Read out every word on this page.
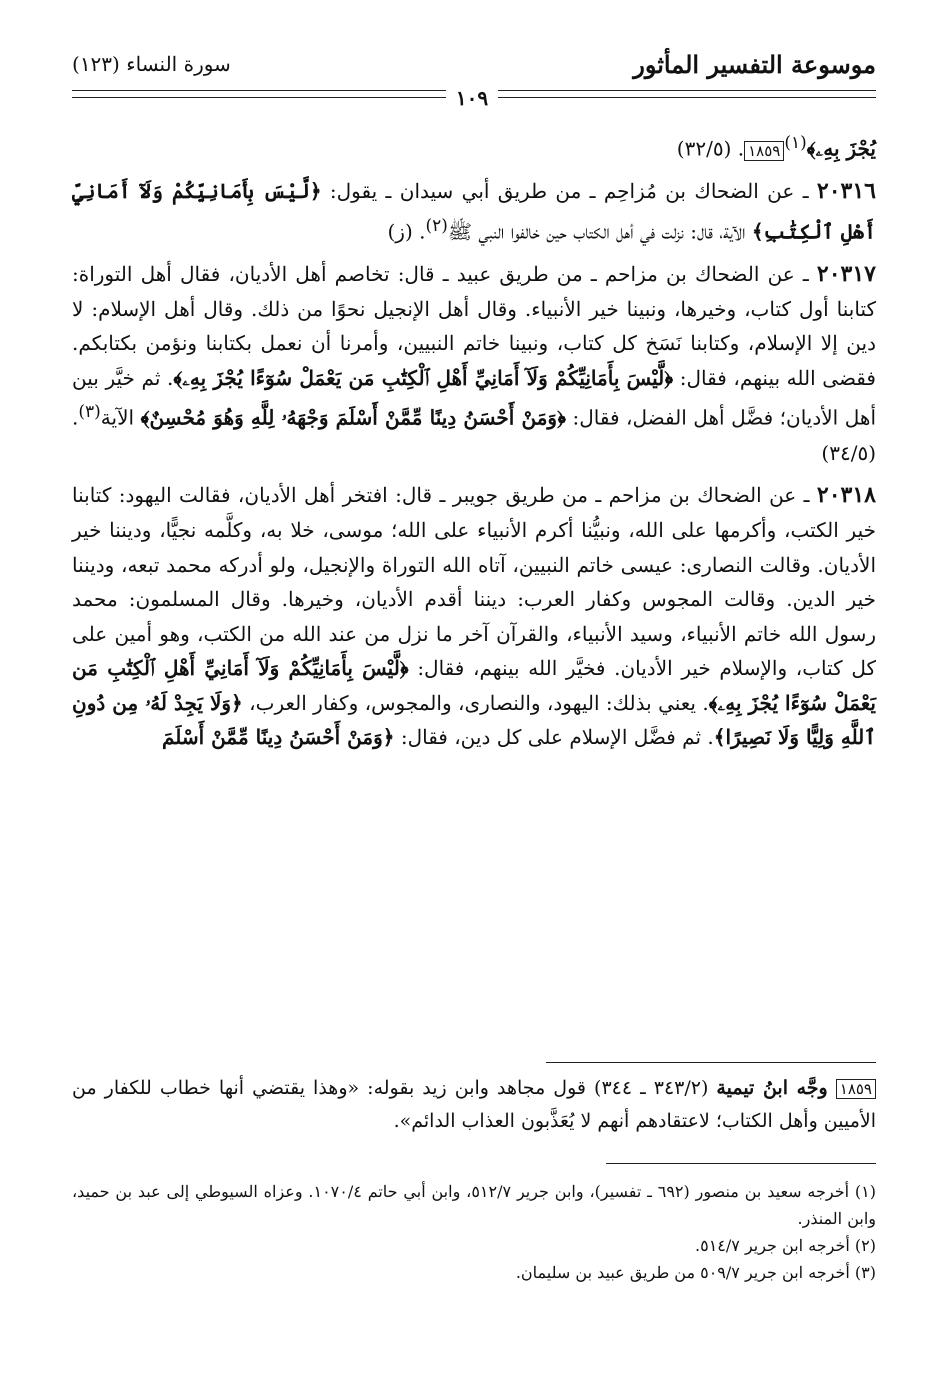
موسوعة التفسير المأثور
سورة النساء (١٢٣)
١٠٩

يُجْزَ بِهِۦ﴾$^{(١)}$١٨٥٩. (٣٢/٥)

٢٠٣١٦ ـ عن الضحاك بن مُزاحِم ـ من طريق أبي سيدان ـ يقول: ﴿لَّيْسَ بِأَمَانِيِّكُمْ وَلَآ أَمَانِيِّ أَهْلِ ٱلْكِتَٰبِ﴾ الآية، قال: نزلت في أهل الكتاب حين خالفوا النبي ﷺ$^{(٢)}$. (ز)

٢٠٣١٧ ـ عن الضحاك بن مزاحم ـ من طريق عبيد ـ قال: تخاصم أهل الأديان، فقال أهل التوراة: كتابنا أول كتاب، وخيرها، ونبينا خير الأنبياء. وقال أهل الإنجيل نحوًا من ذلك. وقال أهل الإسلام: لا دين إلا الإسلام، وكتابنا نَسَخ كل كتاب، ونبينا خاتم النبيين، وأمرنا أن نعمل بكتابنا ونؤمن بكتابكم. فقضى الله بينهم، فقال: ﴿لَّيْسَ بِأَمَانِيِّكُمْ وَلَآ أَمَانِيِّ أَهْلِ ٱلْكِتَٰبِ مَن يَعْمَلْ سُوٓءًا يُجْزَ بِهِۦ﴾. ثم خيَّر بين أهل الأديان؛ فضَّل أهل الفضل، فقال: ﴿وَمَنْ أَحْسَنُ دِينًا مِّمَّنْ أَسْلَمَ وَجْهَهُۥ لِلَّهِ وَهُوَ مُحْسِنٌ﴾ الآية$^{(٣)}$. (٣٤/٥)

٢٠٣١٨ ـ عن الضحاك بن مزاحم ـ من طريق جويبر ـ قال: افتخر أهل الأديان، فقالت اليهود: كتابنا خير الكتب، وأكرمها على الله، ونبيُّنا أكرم الأنبياء على الله؛ موسى، خلا به، وكلَّمه نجيًّا، وديننا خير الأديان. وقالت النصارى: عيسى خاتم النبيين، آتاه الله التوراة والإنجيل، ولو أدركه محمد تبعه، وديننا خير الدين. وقالت المجوس وكفار العرب: ديننا أقدم الأديان، وخيرها. وقال المسلمون: محمد رسول الله خاتم الأنبياء، وسيد الأنبياء، والقرآن آخر ما نزل من عند الله من الكتب، وهو أمين على كل كتاب، والإسلام خير الأديان. فخيَّر الله بينهم، فقال: ﴿لَّيْسَ بِأَمَانِيِّكُمْ وَلَآ أَمَانِيِّ أَهْلِ ٱلْكِتَٰبِ مَن يَعْمَلْ سُوٓءًا يُجْزَ بِهِۦ﴾. يعني بذلك: اليهود، والنصارى، والمجوس، وكفار العرب، ﴿وَلَا يَجِدْ لَهُۥ مِن دُونِ ٱللَّهِ وَلِيًّا وَلَا نَصِيرًا﴾. ثم فضَّل الإسلام على كل دين، فقال: ﴿وَمَنْ أَحْسَنُ دِينًا مِّمَّنْ أَسْلَمَ

١٨٥٩ وجَّه ابنُ تيمية (٣٤٣/٢ ـ ٣٤٤) قول مجاهد وابن زيد بقوله: «وهذا يقتضي أنها خطاب للكفار من الأميين وأهل الكتاب؛ لاعتقادهم أنهم لا يُعَذَّبون العذاب الدائم».
(١) أخرجه سعيد بن منصور (٦٩٢ ـ تفسير)، وابن جرير ٥١٢/٧، وابن أبي حاتم ١٠٧٠/٤. وعزاه السيوطي إلى عبد بن حميد، وابن المنذر.
(٢) أخرجه ابن جرير ٥١٤/٧.
(٣) أخرجه ابن جرير ٥٠٩/٧ من طريق عبيد بن سليمان.
